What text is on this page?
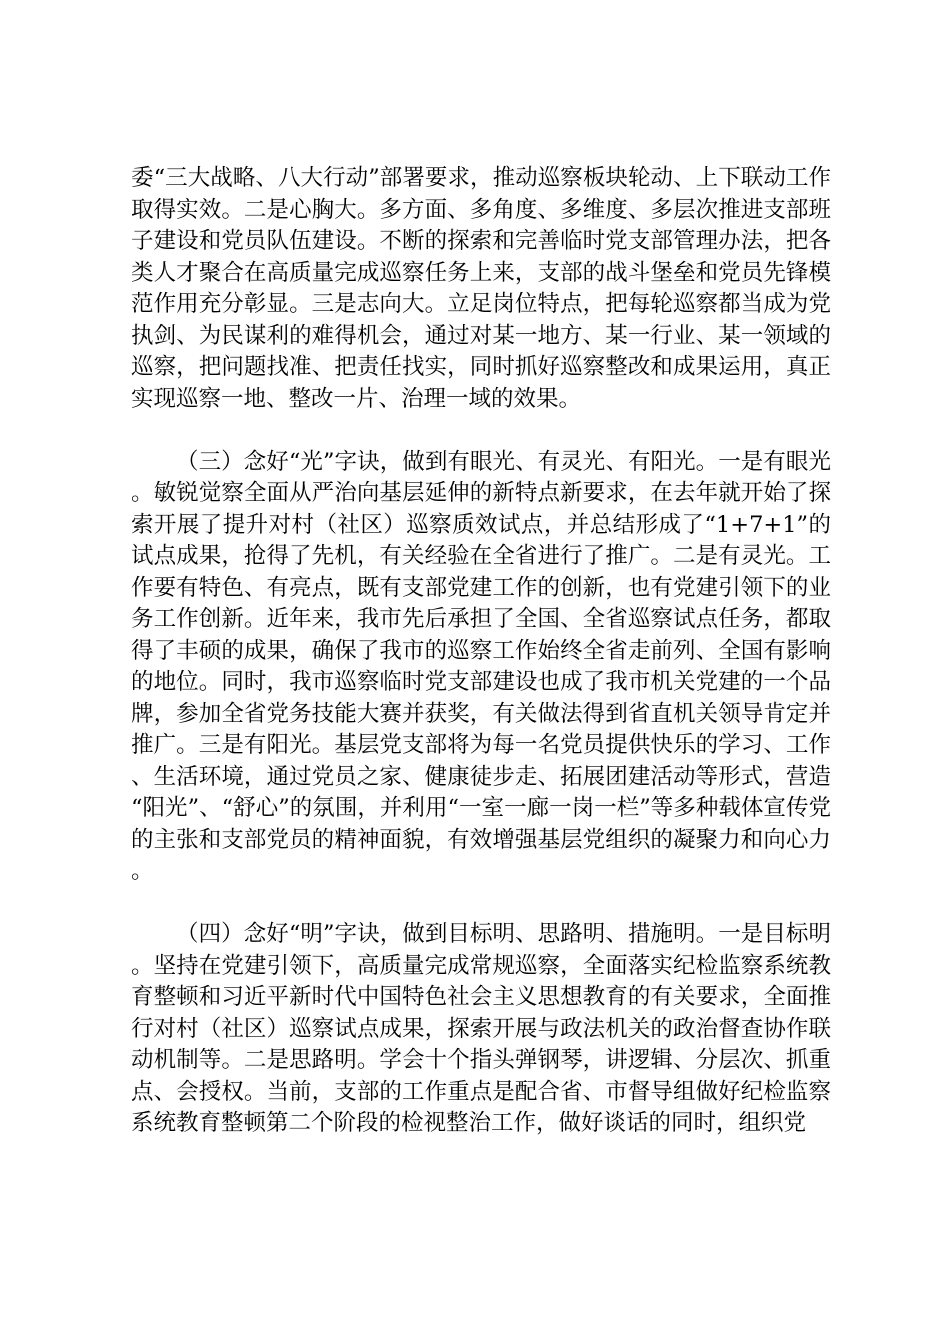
委“三大战略、八大行动”部署要求，推动巡察板块轮动、上下联动工作取得实效。二是心胸大。多方面、多角度、多维度、多层次推进支部班子建设和党员队伍建设。不断的探索和完善临时党支部管理办法，把各类人才聚合在高质量完成巡察任务上来，支部的战斗堡垒和党员先锋模范作用充分彰显。三是志向大。立足岗位特点，把每轮巡察都当成为党执剑、为民谋利的难得机会，通过对某一地方、某一行业、某一领域的巡察，把问题找准、把责任找实，同时抓好巡察整改和成果运用，真正实现巡察一地、整改一片、治理一域的效果。

（三）念好“光”字诀，做到有眼光、有灵光、有阳光。一是有眼光。敏锐觉察全面从严治向基层延伸的新特点新要求，在去年就开始了探索开展了提升对村（社区）巡察质效试点，并总结形成了“1+7+1”的试点成果，抢得了先机，有关经验在全省进行了推广。二是有灵光。工作要有特色、有亮点，既有支部党建工作的创新，也有党建引领下的业务工作创新。近年来，我市先后承担了全国、全省巡察试点任务，都取得了丰硕的成果，确保了我市的巡察工作始终全省走前列、全国有影响的地位。同时，我市巡察临时党支部建设也成了我市机关党建的一个品牌，参加全省党务技能大赛并获奖，有关做法得到省直机关领导肯定并推广。三是有阳光。基层党支部将为每一名党员提供快乐的学习、工作、生活环境，通过党员之家、健康徒步走、拓展团建活动等形式，营造“阳光”、“舒心”的氛围，并利用“一室一廊一岗一栏”等多种载体宣传党的主张和支部党员的精神面貌，有效增强基层党组织的凝聚力和向心力。

（四）念好“明”字诀，做到目标明、思路明、措施明。一是目标明。坚持在党建引领下，高质量完成常规巡察，全面落实纪检监察系统教育整顿和习近平新时代中国特色社会主义思想教育的有关要求，全面推行对村（社区）巡察试点成果，探索开展与政法机关的政治督查协作联动机制等。二是思路明。学会十个指头弹钢琴，讲逻辑、分层次、抓重点、会授权。当前，支部的工作重点是配合省、市督导组做好纪检监察系统教育整顿第二个阶段的检视整治工作，做好谈话的同时，组织党
